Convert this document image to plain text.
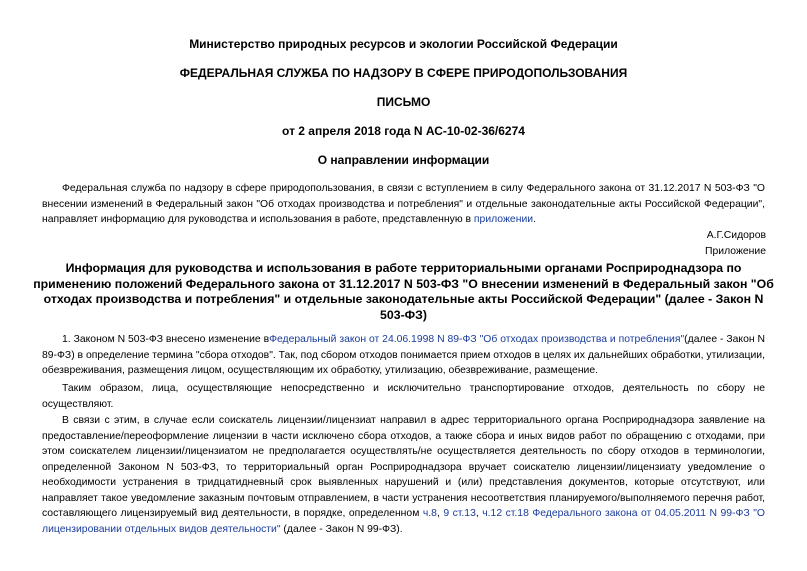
Министерство природных ресурсов и экологии Российской Федерации
ФЕДЕРАЛЬНАЯ СЛУЖБА ПО НАДЗОРУ В СФЕРЕ ПРИРОДОПОЛЬЗОВАНИЯ
ПИСЬМО
от 2 апреля 2018 года N АС-10-02-36/6274
О направлении информации
Федеральная служба по надзору в сфере природопользования, в связи с вступлением в силу Федерального закона от 31.12.2017 N 503-ФЗ "О внесении изменений в Федеральный закон "Об отходах производства и потребления" и отдельные законодательные акты Российской Федерации", направляет информацию для руководства и использования в работе, представленную в приложении.
А.Г.Сидоров
Приложение
Информация для руководства и использования в работе территориальными органами Росприроднадзора по применению положений Федерального закона от 31.12.2017 N 503-ФЗ "О внесении изменений в Федеральный закон "Об отходах производства и потребления" и отдельные законодательные акты Российской Федерации" (далее - Закон N 503-ФЗ)
1. Законом N 503-ФЗ внесено изменение вФедеральный закон от 24.06.1998 N 89-ФЗ "Об отходах производства и потребления"(далее - Закон N 89-ФЗ) в определение термина "сбора отходов". Так, под сбором отходов понимается прием отходов в целях их дальнейших обработки, утилизации, обезвреживания, размещения лицом, осуществляющим их обработку, утилизацию, обезвреживание, размещение.
Таким образом, лица, осуществляющие непосредственно и исключительно транспортирование отходов, деятельность по сбору не осуществляют.
В связи с этим, в случае если соискатель лицензии/лицензиат направил в адрес территориального органа Росприроднадзора заявление на предоставление/переоформление лицензии в части исключено сбора отходов, а также сбора и иных видов работ по обращению с отходами, при этом соискателем лицензии/лицензиатом не предполагается осуществлять/не осуществляется деятельность по сбору отходов в терминологии, определенной Законом N 503-ФЗ, то территориальный орган Росприроднадзора вручает соискателю лицензии/лицензиату уведомление о необходимости устранения в тридцатидневный срок выявленных нарушений и (или) представления документов, которые отсутствуют, или направляет такое уведомление заказным почтовым отправлением, в части устранения несоответствия планируемого/выполняемого перечня работ, составляющего лицензируемый вид деятельности, в порядке, определенном ч.8, 9 ст.13, ч.12 ст.18 Федерального закона от 04.05.2011 N 99-ФЗ "О лицензировании отдельных видов деятельности" (далее - Закон N 99-ФЗ).
